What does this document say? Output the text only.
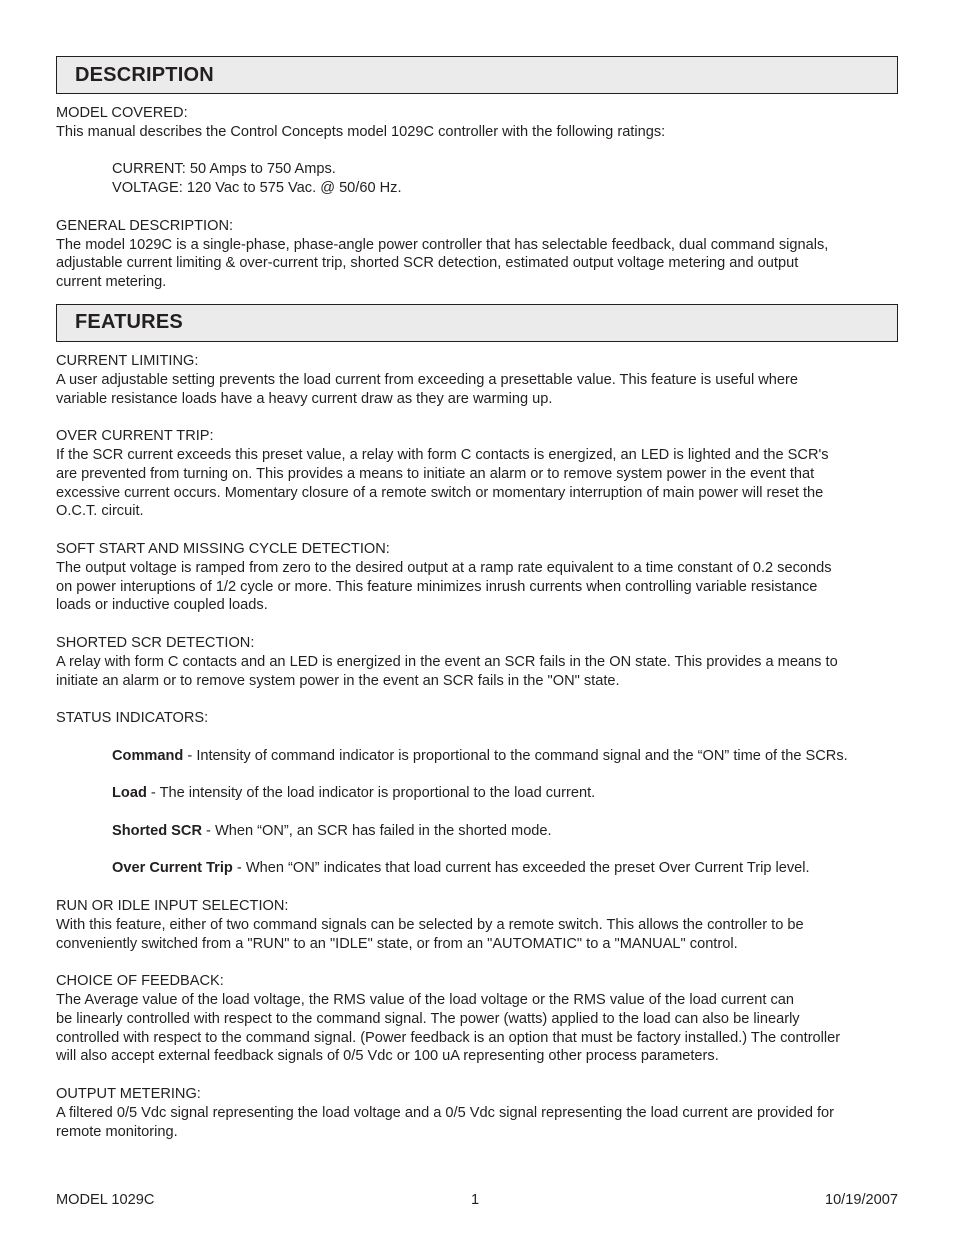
DESCRIPTION

MODEL COVERED:

This manual describes the Control Concepts model 1029C controller with the following ratings:

CURRENT: 50 Amps to 750 Amps.

VOLTAGE: 120 Vac to 575 Vac. @ 50/60 Hz.

GENERAL DESCRIPTION:

The model 1029C is a single-phase, phase-angle power controller that has selectable feedback, dual command signals,
adjustable current limiting & over-current trip, shorted SCR detection, estimated output voltage metering and output
current metering.

FEATURES

CURRENT LIMITING:

A user adjustable setting prevents the load current from exceeding a presettable value. This feature is useful where
variable resistance loads have a heavy current draw as they are warming up.

OVER CURRENT TRIP:

If the SCR current exceeds this preset value, a relay with form C contacts is energized, an LED is lighted and the SCR's
are prevented from turning on. This provides a means to initiate an alarm or to remove system power in the event that
excessive current occurs. Momentary closure of a remote switch or momentary interruption of main power will reset the
O.C.T. circuit.

SOFT START AND MISSING CYCLE DETECTION:

The output voltage is ramped from zero to the desired output at a ramp rate equivalent to a time constant of 0.2 seconds
on power interuptions of 1/2 cycle or more. This feature minimizes inrush currents when controlling variable resistance
loads or inductive coupled loads.

SHORTED SCR DETECTION:

A relay with form C contacts and an LED is energized in the event an SCR fails in the ON state. This provides a means to
initiate an alarm or to remove system power in the event an SCR fails in the "ON" state.

STATUS INDICATORS:

Command - Intensity of command indicator is proportional to the command signal and the “ON” time of the SCRs.

Load - The intensity of the load indicator is proportional to the load current.

Shorted SCR - When “ON”, an SCR has failed in the shorted mode.

Over Current Trip - When “ON” indicates that load current has exceeded the preset Over Current Trip level.

RUN OR IDLE INPUT SELECTION:

With this feature, either of two command signals can be selected by a remote switch. This allows the controller to be
conveniently switched from a "RUN" to an "IDLE" state, or from an "AUTOMATIC" to a "MANUAL" control.

CHOICE OF FEEDBACK:

The Average value of the load voltage, the RMS value of the load voltage or the RMS value of the load current can
be linearly controlled with respect to the command signal. The power (watts) applied to the load can also be linearly
controlled with respect to the command signal. (Power feedback is an option that must be factory installed.) The controller
will also accept external feedback signals of 0/5 Vdc or 100 uA representing other process parameters.

OUTPUT METERING:

A filtered 0/5 Vdc signal representing the load voltage and a 0/5 Vdc signal representing the load current are provided for
remote monitoring.

MODEL 1029C	1	10/19/2007
